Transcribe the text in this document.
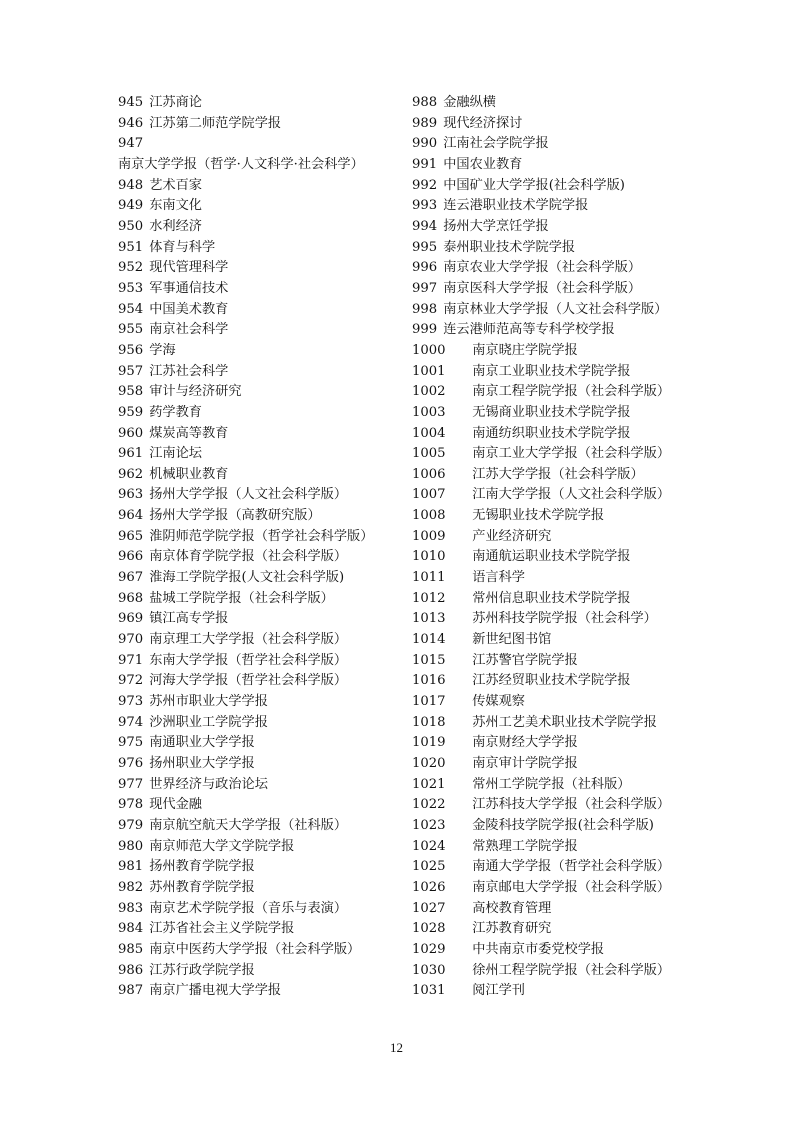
945 江苏商论
946 江苏第二师范学院学报
947 南京大学学报（哲学·人文科学·社会科学）
948 艺术百家
949 东南文化
950 水利经济
951 体育与科学
952 现代管理科学
953 军事通信技术
954 中国美术教育
955 南京社会科学
956 学海
957 江苏社会科学
958 审计与经济研究
959 药学教育
960 煤炭高等教育
961 江南论坛
962 机械职业教育
963 扬州大学学报（人文社会科学版）
964 扬州大学学报（高教研究版）
965 淮阴师范学院学报（哲学社会科学版）
966 南京体育学院学报（社会科学版）
967 淮海工学院学报(人文社会科学版)
968 盐城工学院学报（社会科学版）
969 镇江高专学报
970 南京理工大学学报（社会科学版）
971 东南大学学报（哲学社会科学版）
972 河海大学学报（哲学社会科学版）
973 苏州市职业大学学报
974 沙洲职业工学院学报
975 南通职业大学学报
976 扬州职业大学学报
977 世界经济与政治论坛
978 现代金融
979 南京航空航天大学学报（社科版）
980 南京师范大学文学院学报
981 扬州教育学院学报
982 苏州教育学院学报
983 南京艺术学院学报（音乐与表演）
984 江苏省社会主义学院学报
985 南京中医药大学学报（社会科学版）
986 江苏行政学院学报
987 南京广播电视大学学报
988 金融纵横
989 现代经济探讨
990 江南社会学院学报
991 中国农业教育
992 中国矿业大学学报(社会科学版)
993 连云港职业技术学院学报
994 扬州大学烹饪学报
995 泰州职业技术学院学报
996 南京农业大学学报（社会科学版）
997 南京医科大学学报（社会科学版）
998 南京林业大学学报（人文社会科学版）
999 连云港师范高等专科学校学报
1000 南京晓庄学院学报
1001 南京工业职业技术学院学报
1002 南京工程学院学报（社会科学版）
1003 无锡商业职业技术学院学报
1004 南通纺织职业技术学院学报
1005 南京工业大学学报（社会科学版）
1006 江苏大学学报（社会科学版）
1007 江南大学学报（人文社会科学版）
1008 无锡职业技术学院学报
1009 产业经济研究
1010 南通航运职业技术学院学报
1011 语言科学
1012 常州信息职业技术学院学报
1013 苏州科技学院学报（社会科学）
1014 新世纪图书馆
1015 江苏警官学院学报
1016 江苏经贸职业技术学院学报
1017 传媒观察
1018 苏州工艺美术职业技术学院学报
1019 南京财经大学学报
1020 南京审计学院学报
1021 常州工学院学报（社科版）
1022 江苏科技大学学报（社会科学版）
1023 金陵科技学院学报(社会科学版)
1024 常熟理工学院学报
1025 南通大学学报（哲学社会科学版）
1026 南京邮电大学学报（社会科学版）
1027 高校教育管理
1028 江苏教育研究
1029 中共南京市委党校学报
1030 徐州工程学院学报（社会科学版）
1031 阅江学刊
12
